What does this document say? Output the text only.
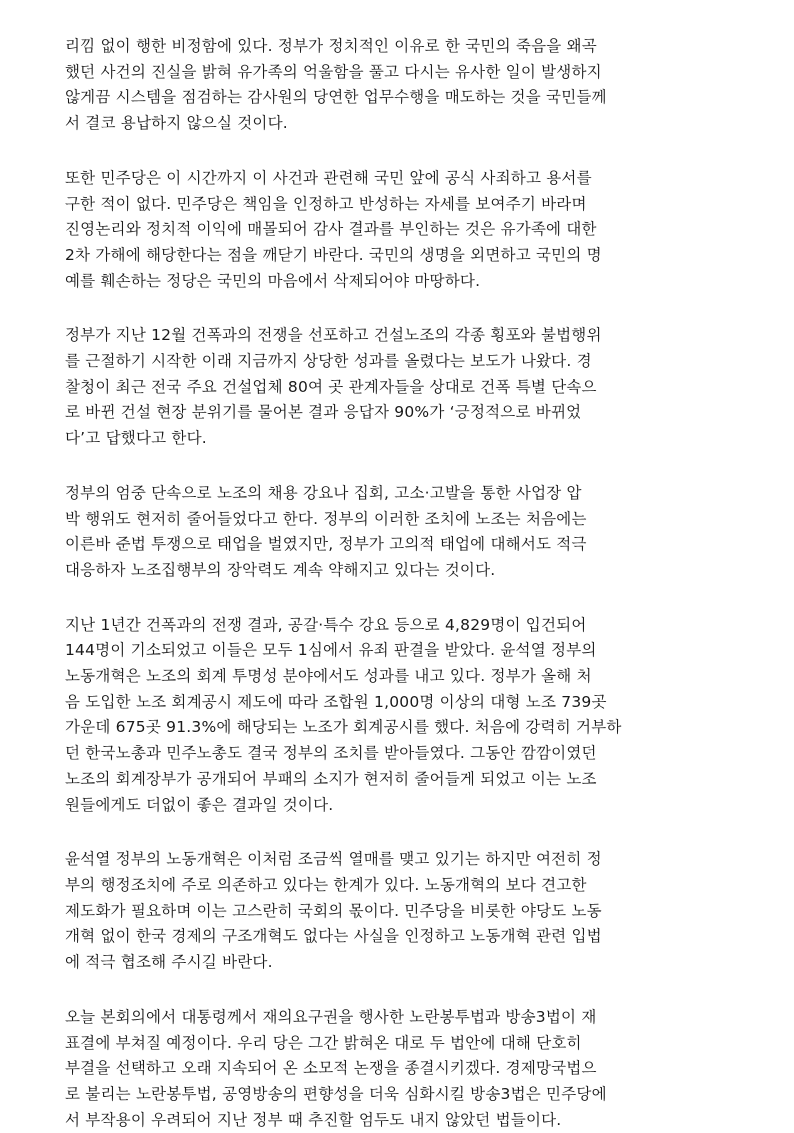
리낌 없이 행한 비정함에 있다. 정부가 정치적인 이유로 한 국민의 죽음을 왜곡
했던 사건의 진실을 밝혀 유가족의 억울함을 풀고 다시는 유사한 일이 발생하지
않게끔 시스템을 점검하는 감사원의 당연한 업무수행을 매도하는 것을 국민들께
서 결코 용납하지 않으실 것이다.
또한 민주당은 이 시간까지 이 사건과 관련해 국민 앞에 공식 사죄하고 용서를
구한 적이 없다. 민주당은 책임을 인정하고 반성하는 자세를 보여주기 바라며
진영논리와 정치적 이익에 매몰되어 감사 결과를 부인하는 것은 유가족에 대한
2차 가해에 해당한다는 점을 깨닫기 바란다. 국민의 생명을 외면하고 국민의 명
예를 훼손하는 정당은 국민의 마음에서 삭제되어야 마땅하다.
정부가 지난 12월 건폭과의 전쟁을 선포하고 건설노조의 각종 횡포와 불법행위
를 근절하기 시작한 이래 지금까지 상당한 성과를 올렸다는 보도가 나왔다. 경
찰청이 최근 전국 주요 건설업체 80여 곳 관계자들을 상대로 건폭 특별 단속으
로 바뀐 건설 현장 분위기를 물어본 결과 응답자 90%가 ‘긍정적으로 바뀌었
다’고 답했다고 한다.
정부의 엄중 단속으로 노조의 채용 강요나 집회, 고소·고발을 통한 사업장 압
박 행위도 현저히 줄어들었다고 한다. 정부의 이러한 조치에 노조는 처음에는
이른바 준법 투쟁으로 태업을 벌였지만, 정부가 고의적 태업에 대해서도 적극
대응하자 노조집행부의 장악력도 계속 약해지고 있다는 것이다.
지난 1년간 건폭과의 전쟁 결과, 공갈·특수 강요 등으로 4,829명이 입건되어
144명이 기소되었고 이들은 모두 1심에서 유죄 판결을 받았다. 윤석열 정부의
노동개혁은 노조의 회계 투명성 분야에서도 성과를 내고 있다. 정부가 올해 처
음 도입한 노조 회계공시 제도에 따라 조합원 1,000명 이상의 대형 노조 739곳
가운데 675곳 91.3%에 해당되는 노조가 회계공시를 했다. 처음에 강력히 거부하
던 한국노총과 민주노총도 결국 정부의 조치를 받아들였다. 그동안 깜깜이였던
노조의 회계장부가 공개되어 부패의 소지가 현저히 줄어들게 되었고 이는 노조
원들에게도 더없이 좋은 결과일 것이다.
윤석열 정부의 노동개혁은 이처럼 조금씩 열매를 맺고 있기는 하지만 여전히 정
부의 행정조치에 주로 의존하고 있다는 한계가 있다. 노동개혁의 보다 견고한
제도화가 필요하며 이는 고스란히 국회의 몫이다. 민주당을 비롯한 야당도 노동
개혁 없이 한국 경제의 구조개혁도 없다는 사실을 인정하고 노동개혁 관련 입법
에 적극 협조해 주시길 바란다.
오늘 본회의에서 대통령께서 재의요구권을 행사한 노란봉투법과 방송3법이 재
표결에 부쳐질 예정이다. 우리 당은 그간 밝혀온 대로 두 법안에 대해 단호히
부결을 선택하고 오래 지속되어 온 소모적 논쟁을 종결시키겠다. 경제망국법으
로 불리는 노란봉투법, 공영방송의 편향성을 더욱 심화시킬 방송3법은 민주당에
서 부작용이 우려되어 지난 정부 때 추진할 엄두도 내지 않았던 법들이다.
